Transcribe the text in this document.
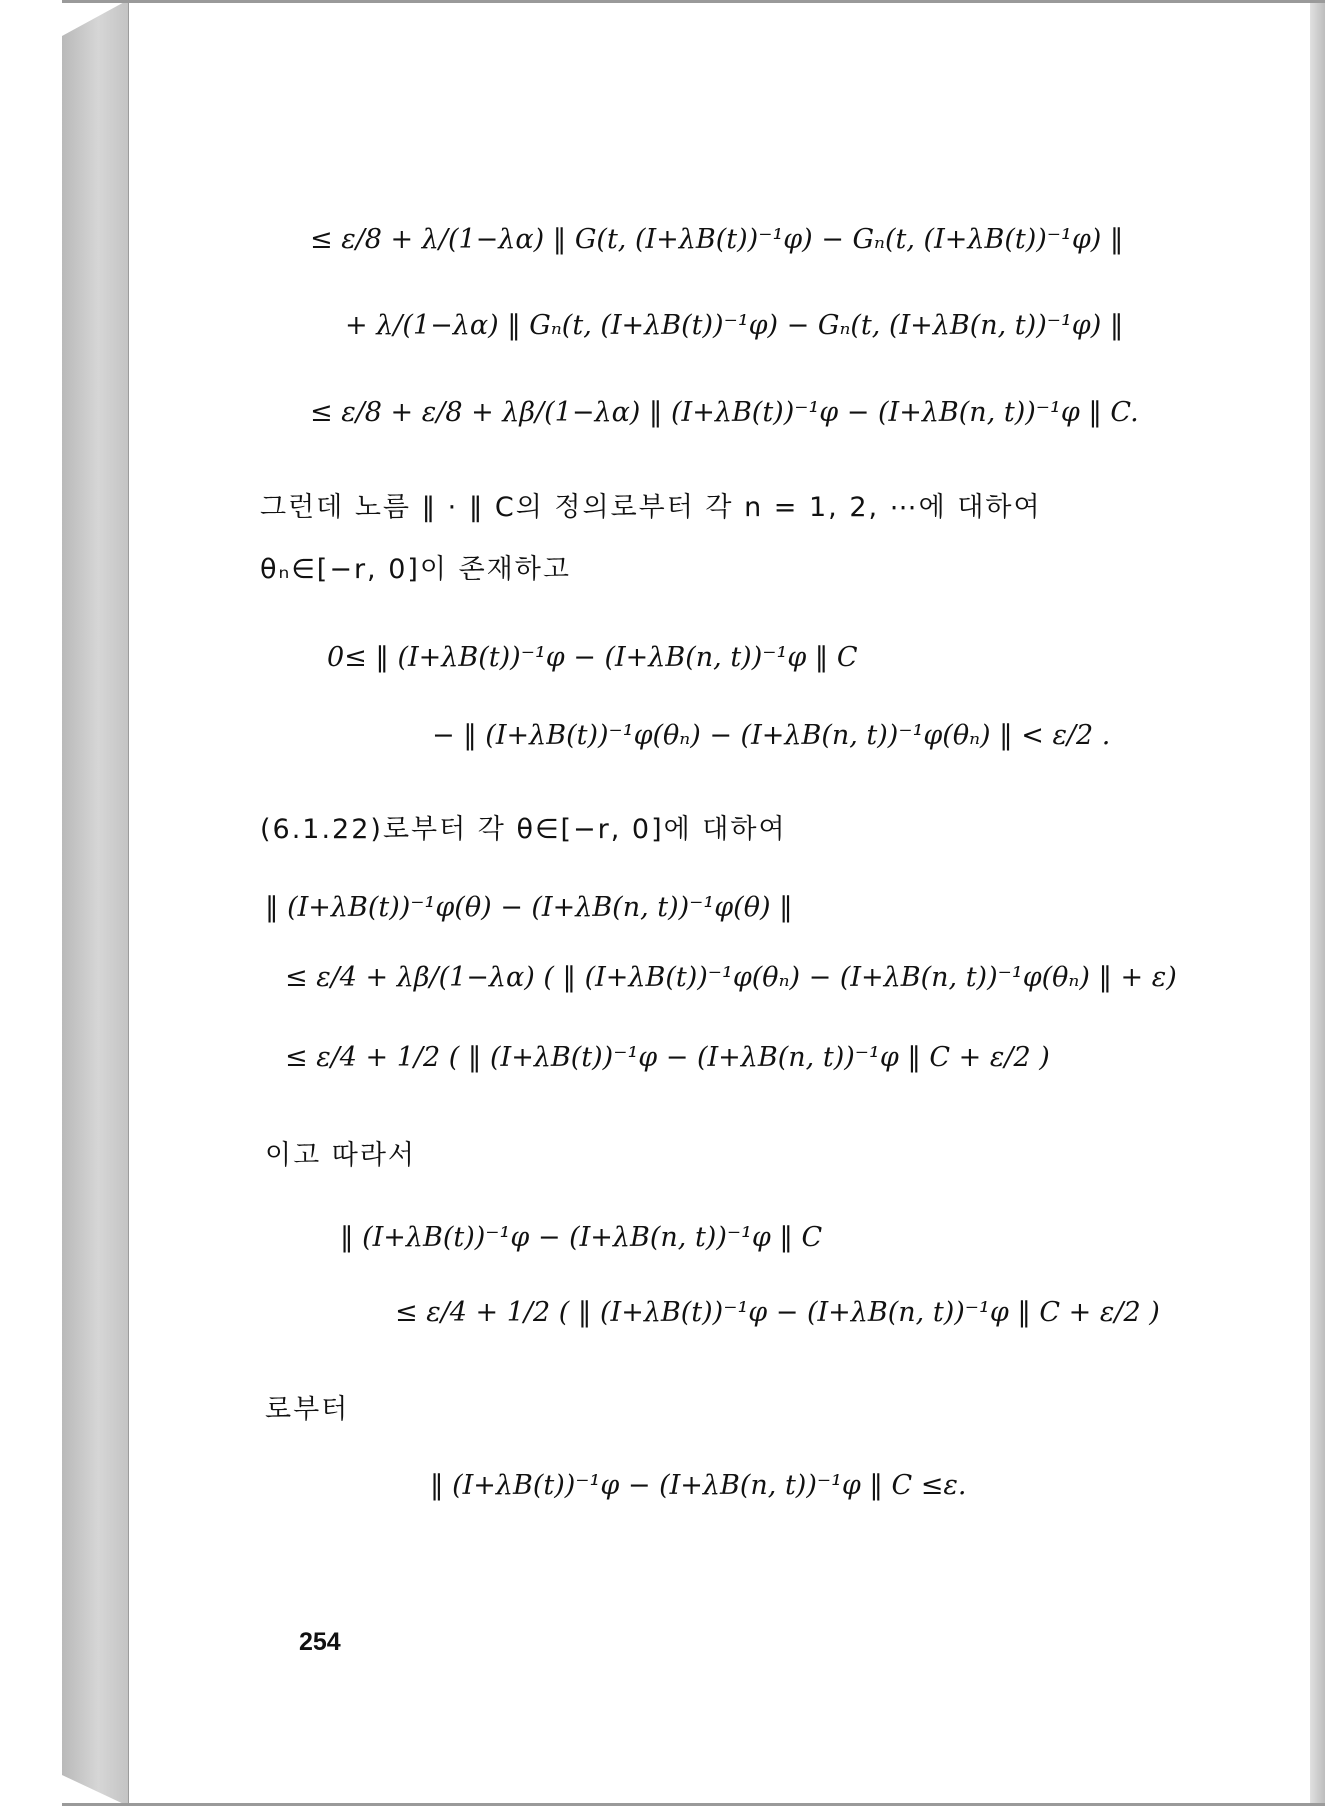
≤ ε/8 + λ/(1−λα) ‖ G(t, (I+λB(t))⁻¹φ) − Gₙ(t, (I+λB(t))⁻¹φ) ‖
+ λ/(1−λα) ‖ Gₙ(t, (I+λB(t))⁻¹φ) − Gₙ(t, (I+λB(n, t))⁻¹φ) ‖
≤ ε/8 + ε/8 + λβ/(1−λα) ‖ (I+λB(t))⁻¹φ − (I+λB(n, t))⁻¹φ ‖ C.
그런데 노름 ‖ · ‖ C의 정의로부터 각 n = 1, 2, ⋯에 대하여
θₙ∈[−r, 0]이 존재하고
0≤ ‖ (I+λB(t))⁻¹φ − (I+λB(n, t))⁻¹φ ‖ C
− ‖ (I+λB(t))⁻¹φ(θₙ) − (I+λB(n, t))⁻¹φ(θₙ) ‖ < ε/2 .
(6.1.22)로부터 각 θ∈[−r, 0]에 대하여
‖ (I+λB(t))⁻¹φ(θ) − (I+λB(n, t))⁻¹φ(θ) ‖
≤ ε/4 + λβ/(1−λα) ( ‖ (I+λB(t))⁻¹φ(θₙ) − (I+λB(n, t))⁻¹φ(θₙ) ‖ + ε)
≤ ε/4 + 1/2 ( ‖ (I+λB(t))⁻¹φ − (I+λB(n, t))⁻¹φ ‖ C + ε/2 )
이고 따라서
‖ (I+λB(t))⁻¹φ − (I+λB(n, t))⁻¹φ ‖ C
≤ ε/4 + 1/2 ( ‖ (I+λB(t))⁻¹φ − (I+λB(n, t))⁻¹φ ‖ C + ε/2 )
로부터
‖ (I+λB(t))⁻¹φ − (I+λB(n, t))⁻¹φ ‖ C ≤ε.
254
